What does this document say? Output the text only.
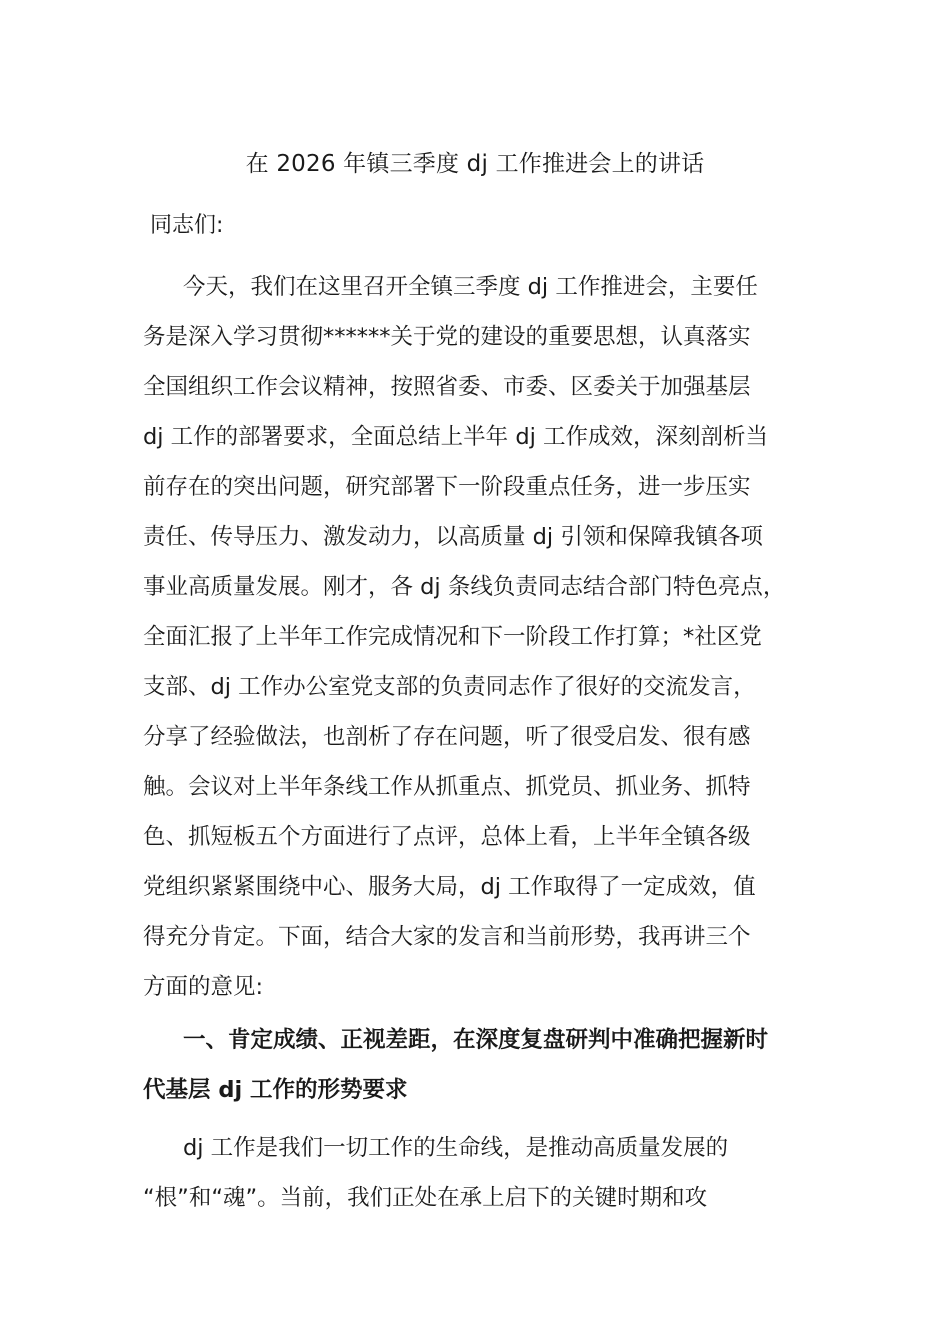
在 2026 年镇三季度 dj 工作推进会上的讲话
同志们:
今天，我们在这里召开全镇三季度 dj 工作推进会，主要任
务是深入学习贯彻******关于党的建设的重要思想，认真落实
全国组织工作会议精神，按照省委、市委、区委关于加强基层
dj 工作的部署要求，全面总结上半年 dj 工作成效，深刻剖析当
前存在的突出问题，研究部署下一阶段重点任务，进一步压实
责任、传导压力、激发动力，以高质量 dj 引领和保障我镇各项
事业高质量发展。刚才，各 dj 条线负责同志结合部门特色亮点，
全面汇报了上半年工作完成情况和下一阶段工作打算；*社区党
支部、dj 工作办公室党支部的负责同志作了很好的交流发言，
分享了经验做法，也剖析了存在问题，听了很受启发、很有感
触。会议对上半年条线工作从抓重点、抓党员、抓业务、抓特
色、抓短板五个方面进行了点评，总体上看，上半年全镇各级
党组织紧紧围绕中心、服务大局，dj 工作取得了一定成效，值
得充分肯定。下面，结合大家的发言和当前形势，我再讲三个
方面的意见:
一、肯定成绩、正视差距，在深度复盘研判中准确把握新时
代基层 dj 工作的形势要求
dj 工作是我们一切工作的生命线，是推动高质量发展的
“根”和“魂”。当前，我们正处在承上启下的关键时期和攻
